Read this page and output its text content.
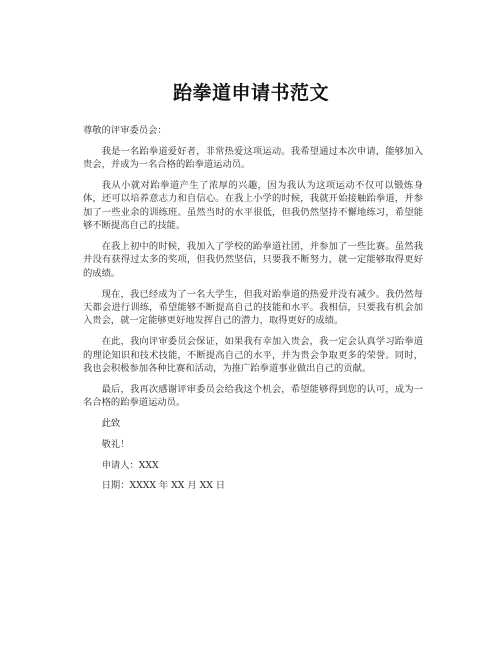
跆拳道申请书范文

尊敬的评审委员会：

我是一名跆拳道爱好者，非常热爱这项运动。我希望通过本次申请，能够加入贵会，并成为一名合格的跆拳道运动员。

我从小就对跆拳道产生了浓厚的兴趣，因为我认为这项运动不仅可以锻炼身体，还可以培养意志力和自信心。在我上小学的时候，我就开始接触跆拳道，并参加了一些业余的训练班。虽然当时的水平很低，但我仍然坚持不懈地练习，希望能够不断提高自己的技能。

在我上初中的时候，我加入了学校的跆拳道社团，并参加了一些比赛。虽然我并没有获得过太多的奖项，但我仍然坚信，只要我不断努力，就一定能够取得更好的成绩。

现在，我已经成为了一名大学生，但我对跆拳道的热爱并没有减少。我仍然每天都会进行训练，希望能够不断提高自己的技能和水平。我相信，只要我有机会加入贵会，就一定能够更好地发挥自己的潜力，取得更好的成绩。

在此，我向评审委员会保证，如果我有幸加入贵会，我一定会认真学习跆拳道的理论知识和技术技能，不断提高自己的水平，并为贵会争取更多的荣誉。同时，我也会积极参加各种比赛和活动，为推广跆拳道事业做出自己的贡献。

最后，我再次感谢评审委员会给我这个机会，希望能够得到您的认可，成为一名合格的跆拳道运动员。

此致

敬礼！

申请人：XXX

日期：XXXX 年 XX 月 XX 日
